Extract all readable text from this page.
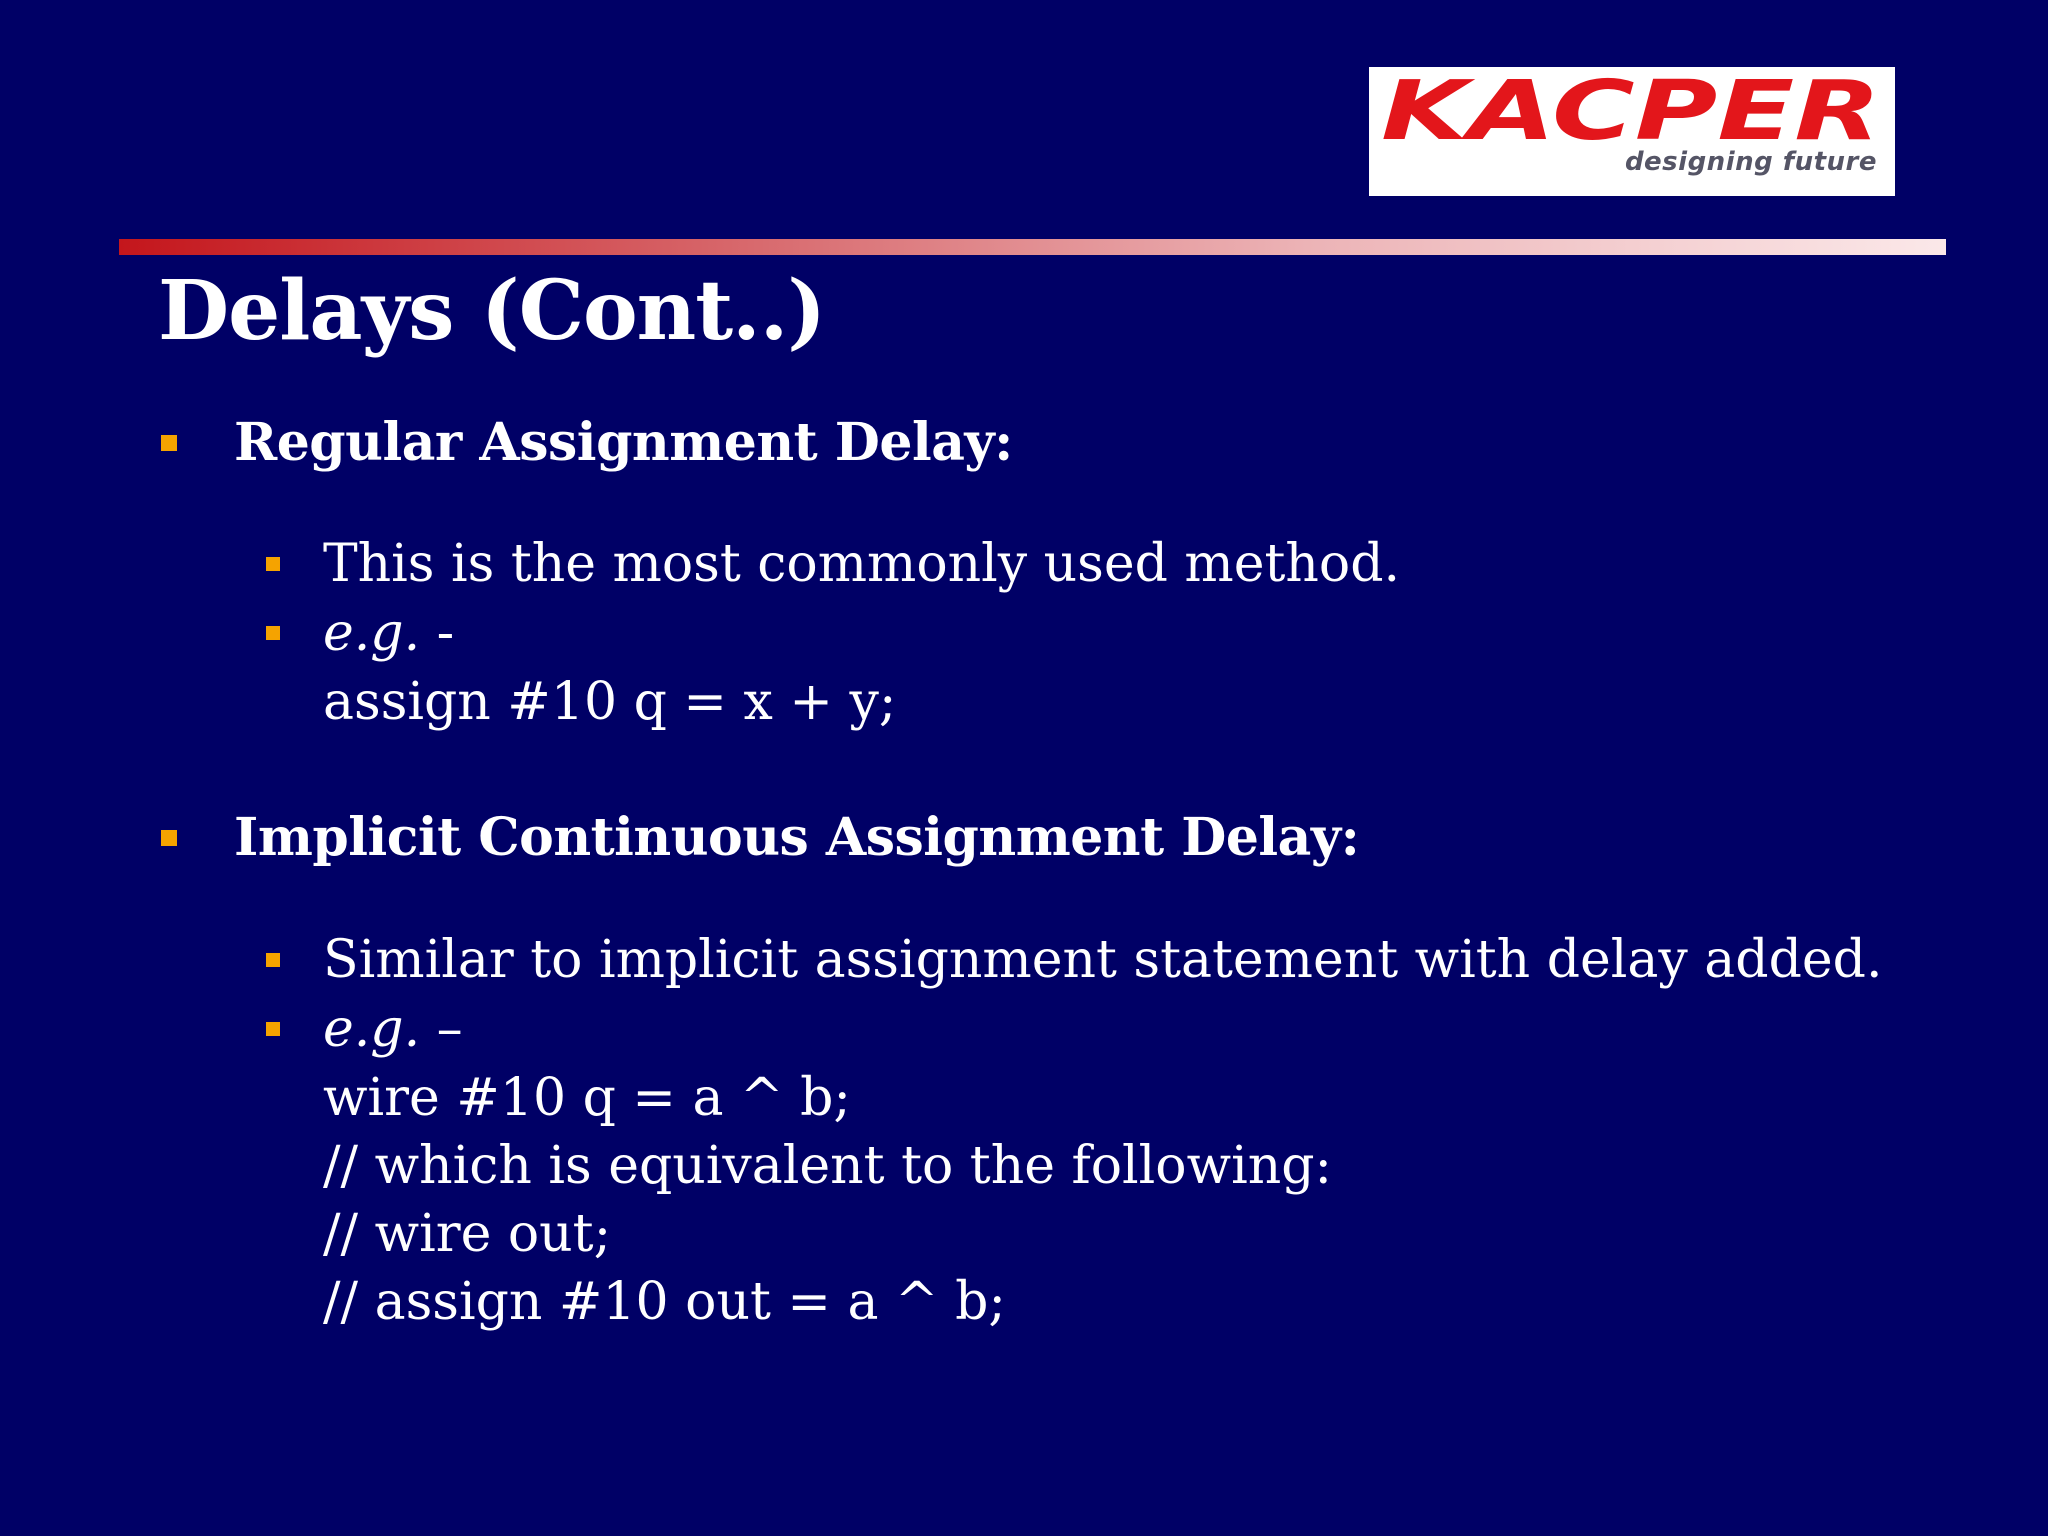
KACPER
designing future
Delays (Cont..)
Regular Assignment Delay:
This is the most commonly used method.
e.g. -
assign #10 q = x + y;
Implicit Continuous Assignment Delay:
Similar to implicit assignment statement with delay added.
e.g. –
wire #10 q = a ^ b;
// which is equivalent to the following:
// wire out;
// assign #10 out = a ^ b;
